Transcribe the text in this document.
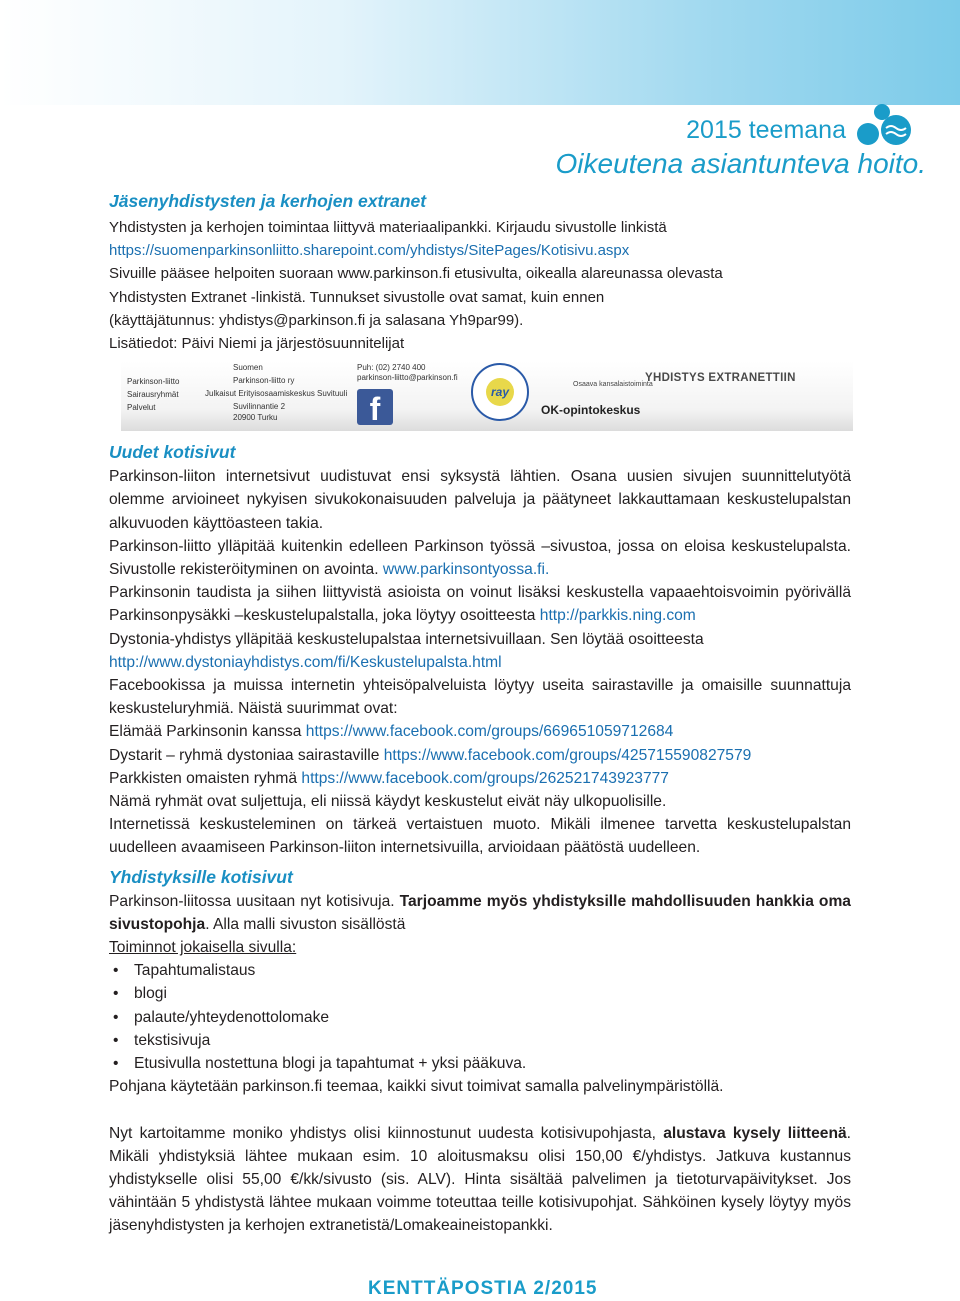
2015 teemana
Oikeutena asiantunteva hoito.
Jäsenyhdistysten ja kerhojen extranet

Yhdistysten ja kerhojen toimintaa liittyvä materiaalipankki. Kirjaudu sivustolle linkistä

https://suomenparkinsonliitto.sharepoint.com/yhdistys/SitePages/Kotisivu.aspx

Sivuille pääsee helpoiten suoraan www.parkinson.fi etusivulta, oikealla alareunassa olevasta

Yhdistysten Extranet -linkistä. Tunnukset sivustolle ovat samat, kuin ennen

(käyttäjätunnus: yhdistys@parkinson.fi ja salasana Yh9par99).

Lisätiedot: Päivi Niemi ja järjestösuunnitelijat

Parkinson-liitto
Sairausryhmät
Palvelut
Suomen
Parkinson-liitto ry
Julkaisut Erityisosaamiskeskus Suvituuli
Suvilinnantie 2
20900 Turku
Puh: (02) 2740 400
parkinson-liitto@parkinson.fi
f	ray
Osaava kansalaistoiminta
OK-opintokeskus
YHDISTYS EXTRANETTIIN
Uudet kotisivut

Parkinson-liiton internetsivut uudistuvat ensi syksystä lähtien. Osana uusien sivujen suunnittelutyötä olemme arvioineet nykyisen sivukokonaisuuden palveluja ja päätyneet lakkauttamaan keskustelupalstan alkuvuoden käyttöasteen takia.

Parkinson-liitto ylläpitää kuitenkin edelleen Parkinson työssä –sivustoa, jossa on eloisa keskustelupalsta. Sivustolle rekisteröityminen on avointa. www.parkinsontyossa.fi.

Parkinsonin taudista ja siihen liittyvistä asioista on voinut lisäksi keskustella vapaaehtoisvoimin pyörivällä Parkinsonpysäkki –keskustelupalstalla, joka löytyy osoitteesta http://parkkis.ning.com

Dystonia-yhdistys ylläpitää keskustelupalstaa internetsivuillaan. Sen löytää osoitteesta

http://www.dystoniayhdistys.com/fi/Keskustelupalsta.html

Facebookissa ja muissa internetin yhteisöpalveluista löytyy useita sairastaville ja omaisille suunnattuja keskusteluryhmiä. Näistä suurimmat ovat:

Elämää Parkinsonin kanssa https://www.facebook.com/groups/669651059712684

Dystarit – ryhmä dystoniaa sairastaville https://www.facebook.com/groups/425715590827579

Parkkisten omaisten ryhmä https://www.facebook.com/groups/262521743923777

Nämä ryhmät ovat suljettuja, eli niissä käydyt keskustelut eivät näy ulkopuolisille.

Internetissä keskusteleminen on tärkeä vertaistuen muoto. Mikäli ilmenee tarvetta keskustelupalstan uudelleen avaamiseen Parkinson-liiton internetsivuilla, arvioidaan päätöstä uudelleen.

Yhdistyksille kotisivut

Parkinson-liitossa uusitaan nyt kotisivuja. Tarjoamme myös yhdistyksille mahdollisuuden hankkia oma sivustopohja. Alla malli sivuston sisällöstä

Toiminnot jokaisella sivulla:

• Tapahtumalistaus
• blogi
• palaute/yhteydenottolomake
• tekstisivuja
• Etusivulla nostettuna blogi ja tapahtumat + yksi pääkuva.

Pohjana käytetään parkinson.fi teemaa, kaikki sivut toimivat samalla palvelinympäristöllä.

Nyt kartoitamme moniko yhdistys olisi kiinnostunut uudesta kotisivupohjasta, alustava kysely liitteenä. Mikäli yhdistyksiä lähtee mukaan esim. 10 aloitusmaksu olisi 150,00 €/yhdistys. Jatkuva kustannus yhdistykselle olisi 55,00 €/kk/sivusto (sis. ALV). Hinta sisältää palvelimen ja tietoturvapäivitykset. Jos vähintään 5 yhdistystä lähtee mukaan voimme toteuttaa teille kotisivupohjat. Sähköinen kysely löytyy myös jäsenyhdistysten ja kerhojen extranetistä/Lomakeaineistopankki.

KENTTÄPOSTIA 2/2015
